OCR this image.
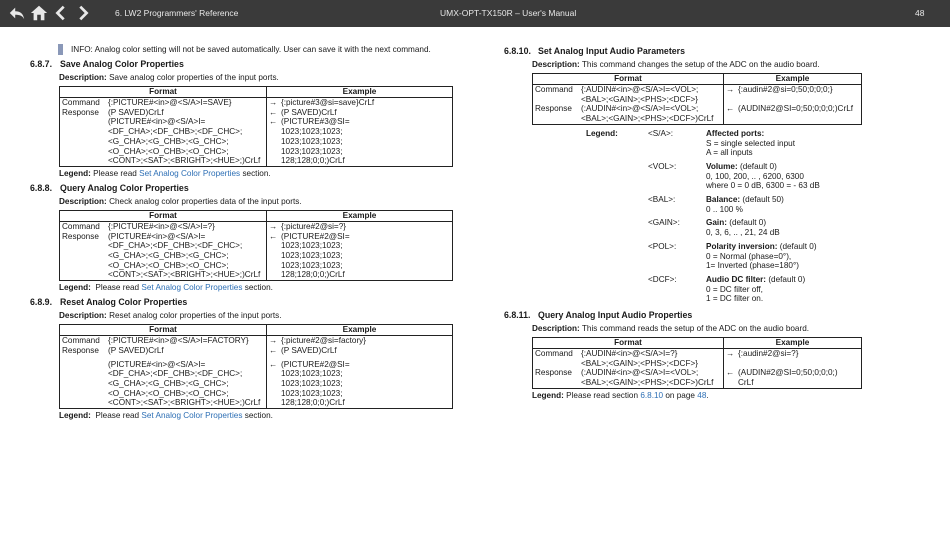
6. LW2 Programmers' Reference	UMX-OPT-TX150R – User's Manual	48
INFO: Analog color setting will not be saved automatically. User can save it with the next command.
6.8.7. Save Analog Color Properties
Description: Save analog color properties of the input ports.
Format		Example
Command	{:PICTURE#<in>@<S/A>I=SAVE}	→ {:picture#3@si=save}CrLf
Response	(P SAVED)CrLf	← (P SAVED)CrLf
	(PICTURE#<in>@<S/A>I=
<DF_CHA>;<DF_CHB>;<DF_CHC>;
<G_CHA>;<G_CHB>;<G_CHC>;
<O_CHA>;<O_CHB>;<O_CHC>;
<CONT>;<SAT>;<BRIGHT>;<HUE>;)CrLf	← (PICTURE#3@SI=
1023;1023;1023;
1023;1023;1023;
1023;1023;1023;
128;128;0;0;)CrLf
Legend: Please read Set Analog Color Properties section.
6.8.8. Query Analog Color Properties
Description: Check analog color properties data of the input ports.
Format		Example
Command	{:PICTURE#<in>@<S/A>I=?}	→ {:picture#2@si=?}
Response	(PICTURE#<in>@<S/A>I=
<DF_CHA>;<DF_CHB>;<DF_CHC>;
<G_CHA>;<G_CHB>;<G_CHC>;
<O_CHA>;<O_CHB>;<O_CHC>;
<CONT>;<SAT>;<BRIGHT>;<HUE>;)CrLf	← (PICTURE#2@SI=
1023;1023;1023;
1023;1023;1023;
1023;1023;1023;
128;128;0;0;)CrLf
Legend: Please read Set Analog Color Properties section.
6.8.9. Reset Analog Color Properties
Description: Reset analog color properties of the input ports.
Format		Example
Command	{:PICTURE#<in>@<S/A>I=FACTORY}	→ {:picture#2@si=factory}
Response	(P SAVED)CrLf	← (P SAVED)CrLf
	(PICTURE#<in>@<S/A>I=
<DF_CHA>;<DF_CHB>;<DF_CHC>;
<G_CHA>;<G_CHB>;<G_CHC>;
<O_CHA>;<O_CHB>;<O_CHC>;
<CONT>;<SAT>;<BRIGHT>;<HUE>;)CrLf	← (PICTURE#2@SI=
1023;1023;1023;
1023;1023;1023;
1023;1023;1023;
128;128;0;0;)CrLf
Legend: Please read Set Analog Color Properties section.
6.8.10. Set Analog Input Audio Parameters
Description: This command changes the setup of the ADC on the audio board.
Format		Example
Command	{:AUDIN#<in>@<S/A>I=<VOL>;
<BAL>;<GAIN>;<PHS>;<DCF>}	→ {:audin#2@si=0;50;0;0;0;}
Response	(:AUDIN#<in>@<S/A>I=<VOL>;
<BAL>;<GAIN>;<PHS>;<DCF>)CrLf	← (AUDIN#2@SI=0;50;0;0;0;)CrLf
Legend:	<S/A>:	Affected ports:
S = single selected input
A = all inputs
<VOL>:	Volume: (default 0)
0, 100, 200, .. , 6200, 6300
where 0 = 0 dB, 6300 = - 63 dB
<BAL>:	Balance: (default 50)
0 .. 100 %
<GAIN>:	Gain: (default 0)
0, 3, 6, .. , 21, 24 dB
<POL>:	Polarity inversion: (default 0)
0 = Normal (phase=0°),
1= Inverted (phase=180°)
<DCF>:	Audio DC filter: (default 0)
0 = DC filter off,
1 = DC filter on.
6.8.11. Query Analog Input Audio Properties
Description: This command reads the setup of the ADC on the audio board.
Format		Example
Command	{:AUDIN#<in>@<S/A>I=?}
<BAL>;<GAIN>;<PHS>;<DCF>}	→ {:audin#2@si=?}
Response	(:AUDIN#<in>@<S/A>I=<VOL>;
<BAL>;<GAIN>;<PHS>;<DCF>)CrLf	← (AUDIN#2@SI=0;50;0;0;0;)
CrLf
Legend: Please read section 6.8.10 on page 48.
